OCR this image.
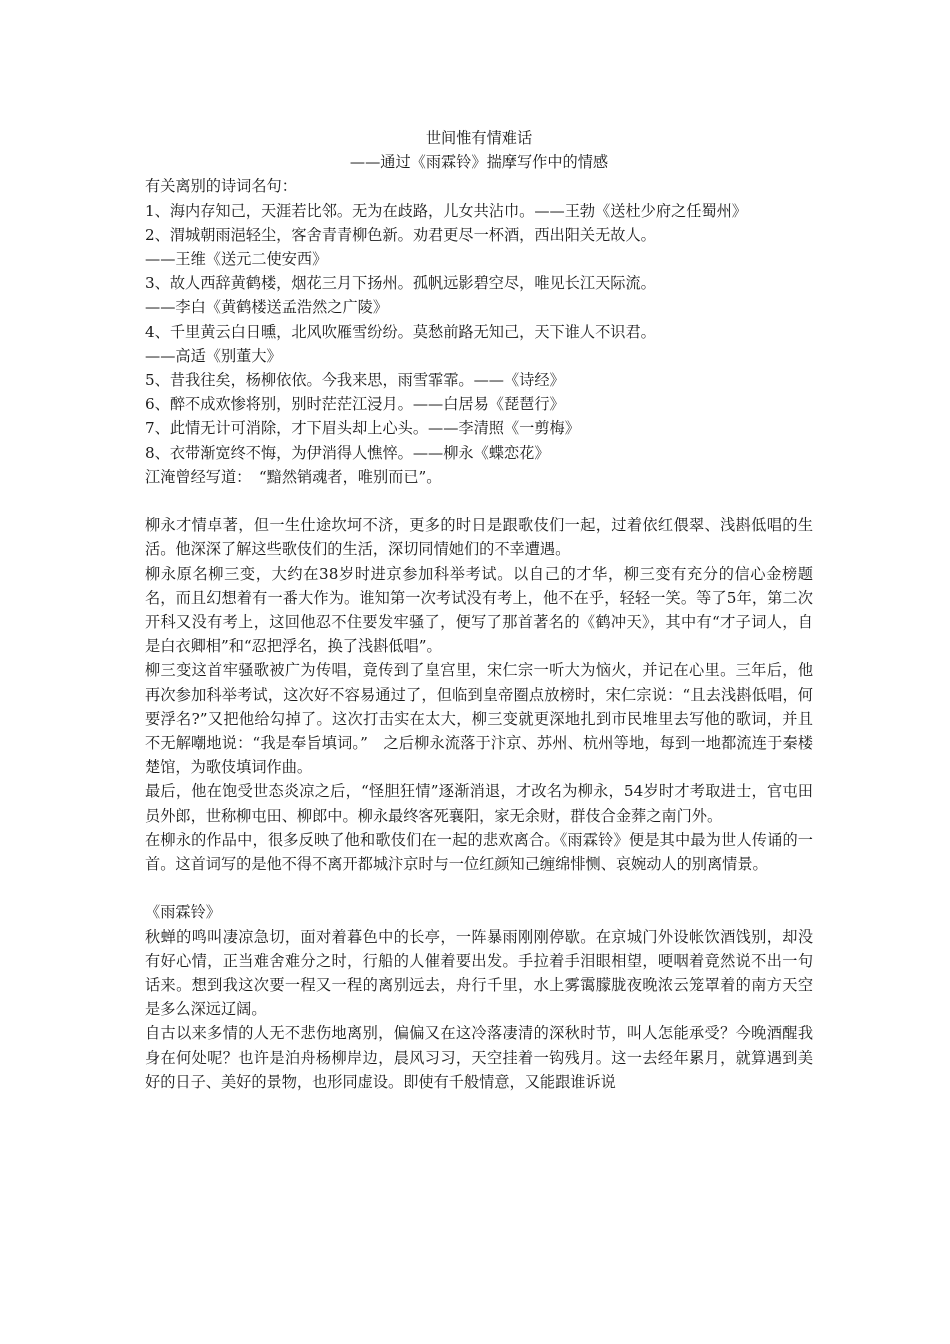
世间惟有情难话

——通过《雨霖铃》揣摩写作中的情感

有关离别的诗词名句：

1、海内存知己，天涯若比邻。无为在歧路，儿女共沾巾。——王勃《送杜少府之任蜀州》
2、渭城朝雨浥轻尘，客舍青青柳色新。劝君更尽一杯酒，西出阳关无故人。
——王维《送元二使安西》
3、故人西辞黄鹤楼，烟花三月下扬州。孤帆远影碧空尽，唯见长江天际流。
——李白《黄鹤楼送孟浩然之广陵》
4、千里黄云白日曛，北风吹雁雪纷纷。莫愁前路无知己，天下谁人不识君。
——高适《别董大》
5、昔我往矣，杨柳依依。今我来思，雨雪霏霏。——《诗经》
6、醉不成欢惨将别，别时茫茫江浸月。——白居易《琵琶行》
7、此情无计可消除，才下眉头却上心头。——李清照《一剪梅》
8、衣带渐宽终不悔，为伊消得人憔悴。——柳永《蝶恋花》
江淹曾经写道：　“黯然销魂者，唯别而已”。

柳永才情卓著，但一生仕途坎坷不济，更多的时日是跟歌伎们一起，过着依红偎翠、浅斟低唱的生活。他深深了解这些歌伎们的生活，深切同情她们的不幸遭遇。

柳永原名柳三变，大约在38岁时进京参加科举考试。以自己的才华，柳三变有充分的信心金榜题名，而且幻想着有一番大作为。谁知第一次考试没有考上，他不在乎，轻轻一笑。等了5年，第二次开科又没有考上，这回他忍不住要发牢骚了，便写了那首著名的《鹤冲天》，其中有“才子词人，自是白衣卿相”和“忍把浮名，换了浅斟低唱”。

柳三变这首牢骚歌被广为传唱，竟传到了皇宫里，宋仁宗一听大为恼火，并记在心里。三年后，他再次参加科举考试，这次好不容易通过了，但临到皇帝圈点放榜时，宋仁宗说：“且去浅斟低唱，何要浮名?”又把他给勾掉了。这次打击实在太大，柳三变就更深地扎到市民堆里去写他的歌词，并且不无解嘲地说：“我是奉旨填词。”　之后柳永流落于汴京、苏州、杭州等地，每到一地都流连于秦楼楚馆，为歌伎填词作曲。

最后，他在饱受世态炎凉之后，“怪胆狂情”逐渐消退，才改名为柳永，54岁时才考取进士，官屯田员外郎，世称柳屯田、柳郎中。柳永最终客死襄阳，家无余财，群伎合金葬之南门外。

在柳永的作品中，很多反映了他和歌伎们在一起的悲欢离合。《雨霖铃》便是其中最为世人传诵的一首。这首词写的是他不得不离开都城汴京时与一位红颜知己缠绵悱恻、哀婉动人的别离情景。

《雨霖铃》

秋蝉的鸣叫凄凉急切，面对着暮色中的长亭，一阵暴雨刚刚停歇。在京城门外设帐饮酒饯别，却没有好心情，正当难舍难分之时，行船的人催着要出发。手拉着手泪眼相望，哽咽着竟然说不出一句话来。想到我这次要一程又一程的离别远去，舟行千里，水上雾霭朦胧夜晚浓云笼罩着的南方天空是多么深远辽阔。

自古以来多情的人无不悲伤地离别，偏偏又在这冷落凄清的深秋时节，叫人怎能承受？今晚酒醒我身在何处呢？也许是泊舟杨柳岸边，晨风习习，天空挂着一钩残月。这一去经年累月，就算遇到美好的日子、美好的景物，也形同虚设。即使有千般情意，又能跟谁诉说
